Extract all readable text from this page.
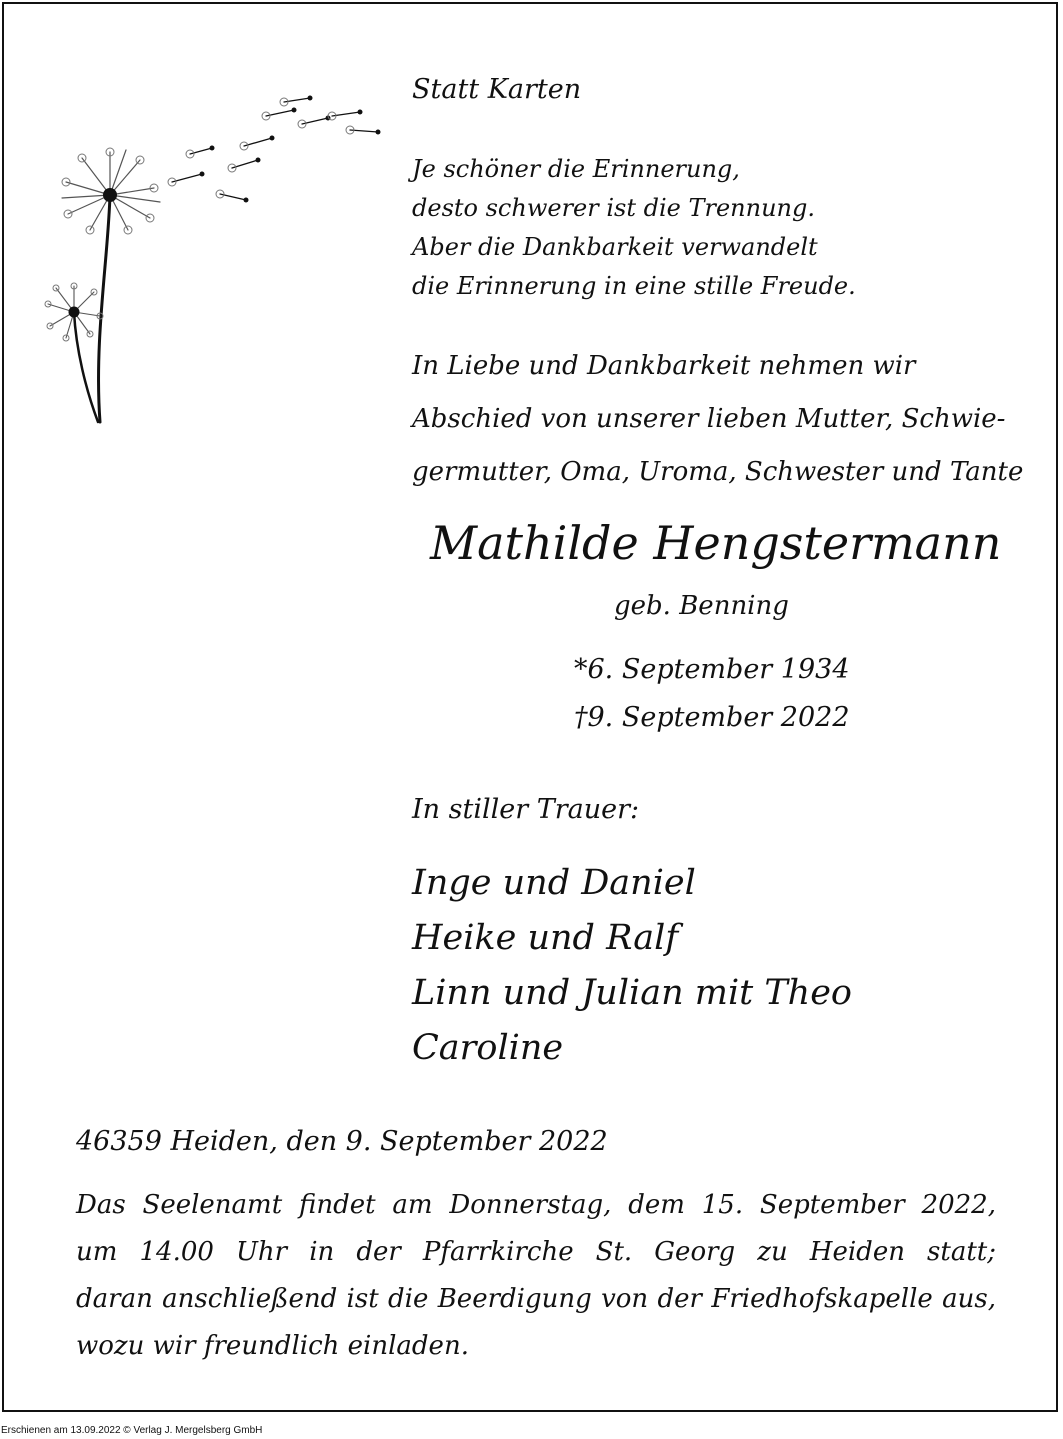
Statt Karten
Je schöner die Erinnerung,
desto schwerer ist die Trennung.
Aber die Dankbarkeit verwandelt
die Erinnerung in eine stille Freude.
In Liebe und Dankbarkeit nehmen wir
Abschied von unserer lieben Mutter, Schwie-
germutter, Oma, Uroma, Schwester und Tante
Mathilde Hengstermann
geb. Benning
*6. September 1934
†9. September 2022
In stiller Trauer:
Inge und Daniel
Heike und Ralf
Linn und Julian mit Theo
Caroline
46359 Heiden, den 9. September 2022
Das Seelenamt findet am Donnerstag, dem 15. September 2022,
um 14.00 Uhr in der Pfarrkirche St. Georg zu Heiden statt;
daran anschließend ist die Beerdigung von der Friedhofskapelle aus,
wozu wir freundlich einladen.
Erschienen am 13.09.2022 © Verlag J. Mergelsberg GmbH
